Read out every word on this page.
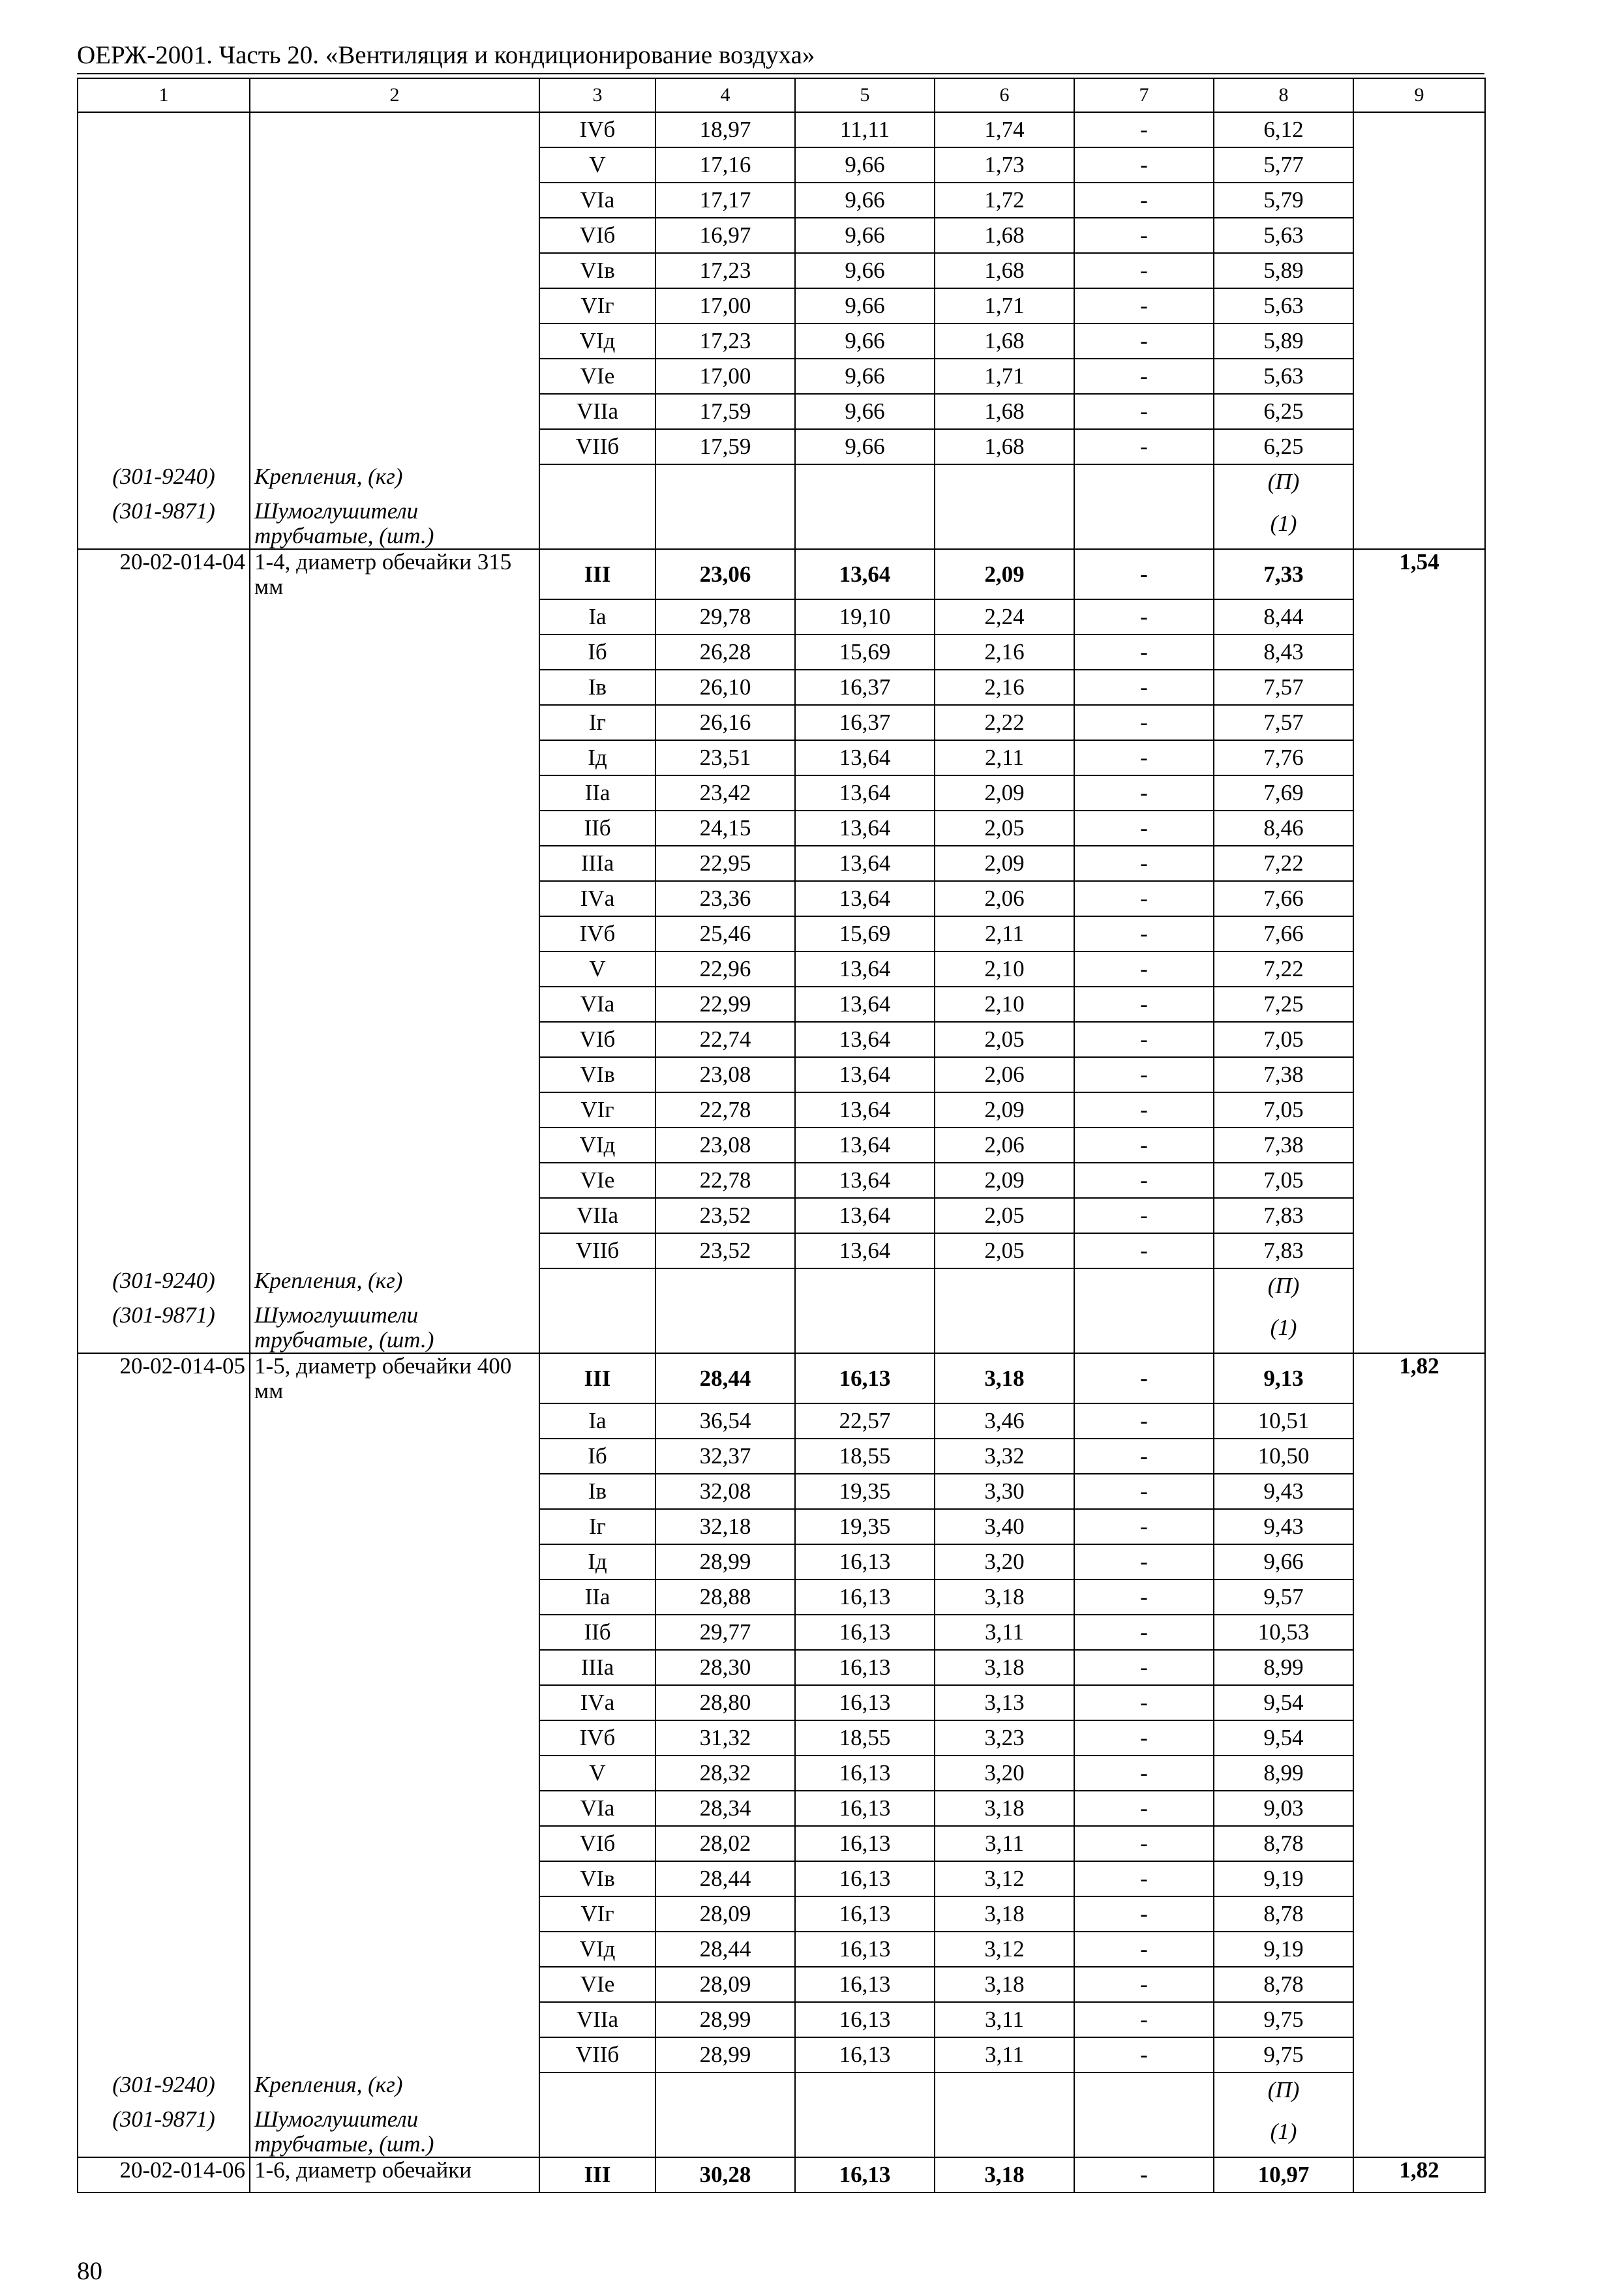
ОЕРЖ-2001. Часть 20. «Вентиляция и кондиционирование воздуха»
1	2	3	4	5	6	7	8	9
		IVб	18,97	11,11	1,74	-	6,12	
		V	17,16	9,66	1,73	-	5,77	
		VIа	17,17	9,66	1,72	-	5,79	
		VIб	16,97	9,66	1,68	-	5,63	
		VIв	17,23	9,66	1,68	-	5,89	
		VIг	17,00	9,66	1,71	-	5,63	
		VIд	17,23	9,66	1,68	-	5,89	
		VIе	17,00	9,66	1,71	-	5,63	
		VIIа	17,59	9,66	1,68	-	6,25	
		VIIб	17,59	9,66	1,68	-	6,25	
(301-9240)	Крепления, (кг)						(П)	
(301-9871)	Шумоглушители трубчатые, (шт.)						(1)	
20-02-014-04	1-4, диаметр обечайки 315 мм	III	23,06	13,64	2,09	-	7,33	1,54
		Iа	29,78	19,10	2,24	-	8,44	
		Iб	26,28	15,69	2,16	-	8,43	
		Iв	26,10	16,37	2,16	-	7,57	
		Iг	26,16	16,37	2,22	-	7,57	
		Iд	23,51	13,64	2,11	-	7,76	
		IIа	23,42	13,64	2,09	-	7,69	
		IIб	24,15	13,64	2,05	-	8,46	
		IIIа	22,95	13,64	2,09	-	7,22	
		IVа	23,36	13,64	2,06	-	7,66	
		IVб	25,46	15,69	2,11	-	7,66	
		V	22,96	13,64	2,10	-	7,22	
		VIа	22,99	13,64	2,10	-	7,25	
		VIб	22,74	13,64	2,05	-	7,05	
		VIв	23,08	13,64	2,06	-	7,38	
		VIг	22,78	13,64	2,09	-	7,05	
		VIд	23,08	13,64	2,06	-	7,38	
		VIе	22,78	13,64	2,09	-	7,05	
		VIIа	23,52	13,64	2,05	-	7,83	
		VIIб	23,52	13,64	2,05	-	7,83	
(301-9240)	Крепления, (кг)						(П)	
(301-9871)	Шумоглушители трубчатые, (шт.)						(1)	
20-02-014-05	1-5, диаметр обечайки 400 мм	III	28,44	16,13	3,18	-	9,13	1,82
		Iа	36,54	22,57	3,46	-	10,51	
		Iб	32,37	18,55	3,32	-	10,50	
		Iв	32,08	19,35	3,30	-	9,43	
		Iг	32,18	19,35	3,40	-	9,43	
		Iд	28,99	16,13	3,20	-	9,66	
		IIа	28,88	16,13	3,18	-	9,57	
		IIб	29,77	16,13	3,11	-	10,53	
		IIIа	28,30	16,13	3,18	-	8,99	
		IVа	28,80	16,13	3,13	-	9,54	
		IVб	31,32	18,55	3,23	-	9,54	
		V	28,32	16,13	3,20	-	8,99	
		VIа	28,34	16,13	3,18	-	9,03	
		VIб	28,02	16,13	3,11	-	8,78	
		VIв	28,44	16,13	3,12	-	9,19	
		VIг	28,09	16,13	3,18	-	8,78	
		VIд	28,44	16,13	3,12	-	9,19	
		VIе	28,09	16,13	3,18	-	8,78	
		VIIа	28,99	16,13	3,11	-	9,75	
		VIIб	28,99	16,13	3,11	-	9,75	
(301-9240)	Крепления, (кг)						(П)	
(301-9871)	Шумоглушители трубчатые, (шт.)						(1)	
20-02-014-06	1-6, диаметр обечайки	III	30,28	16,13	3,18	-	10,97	1,82
80
